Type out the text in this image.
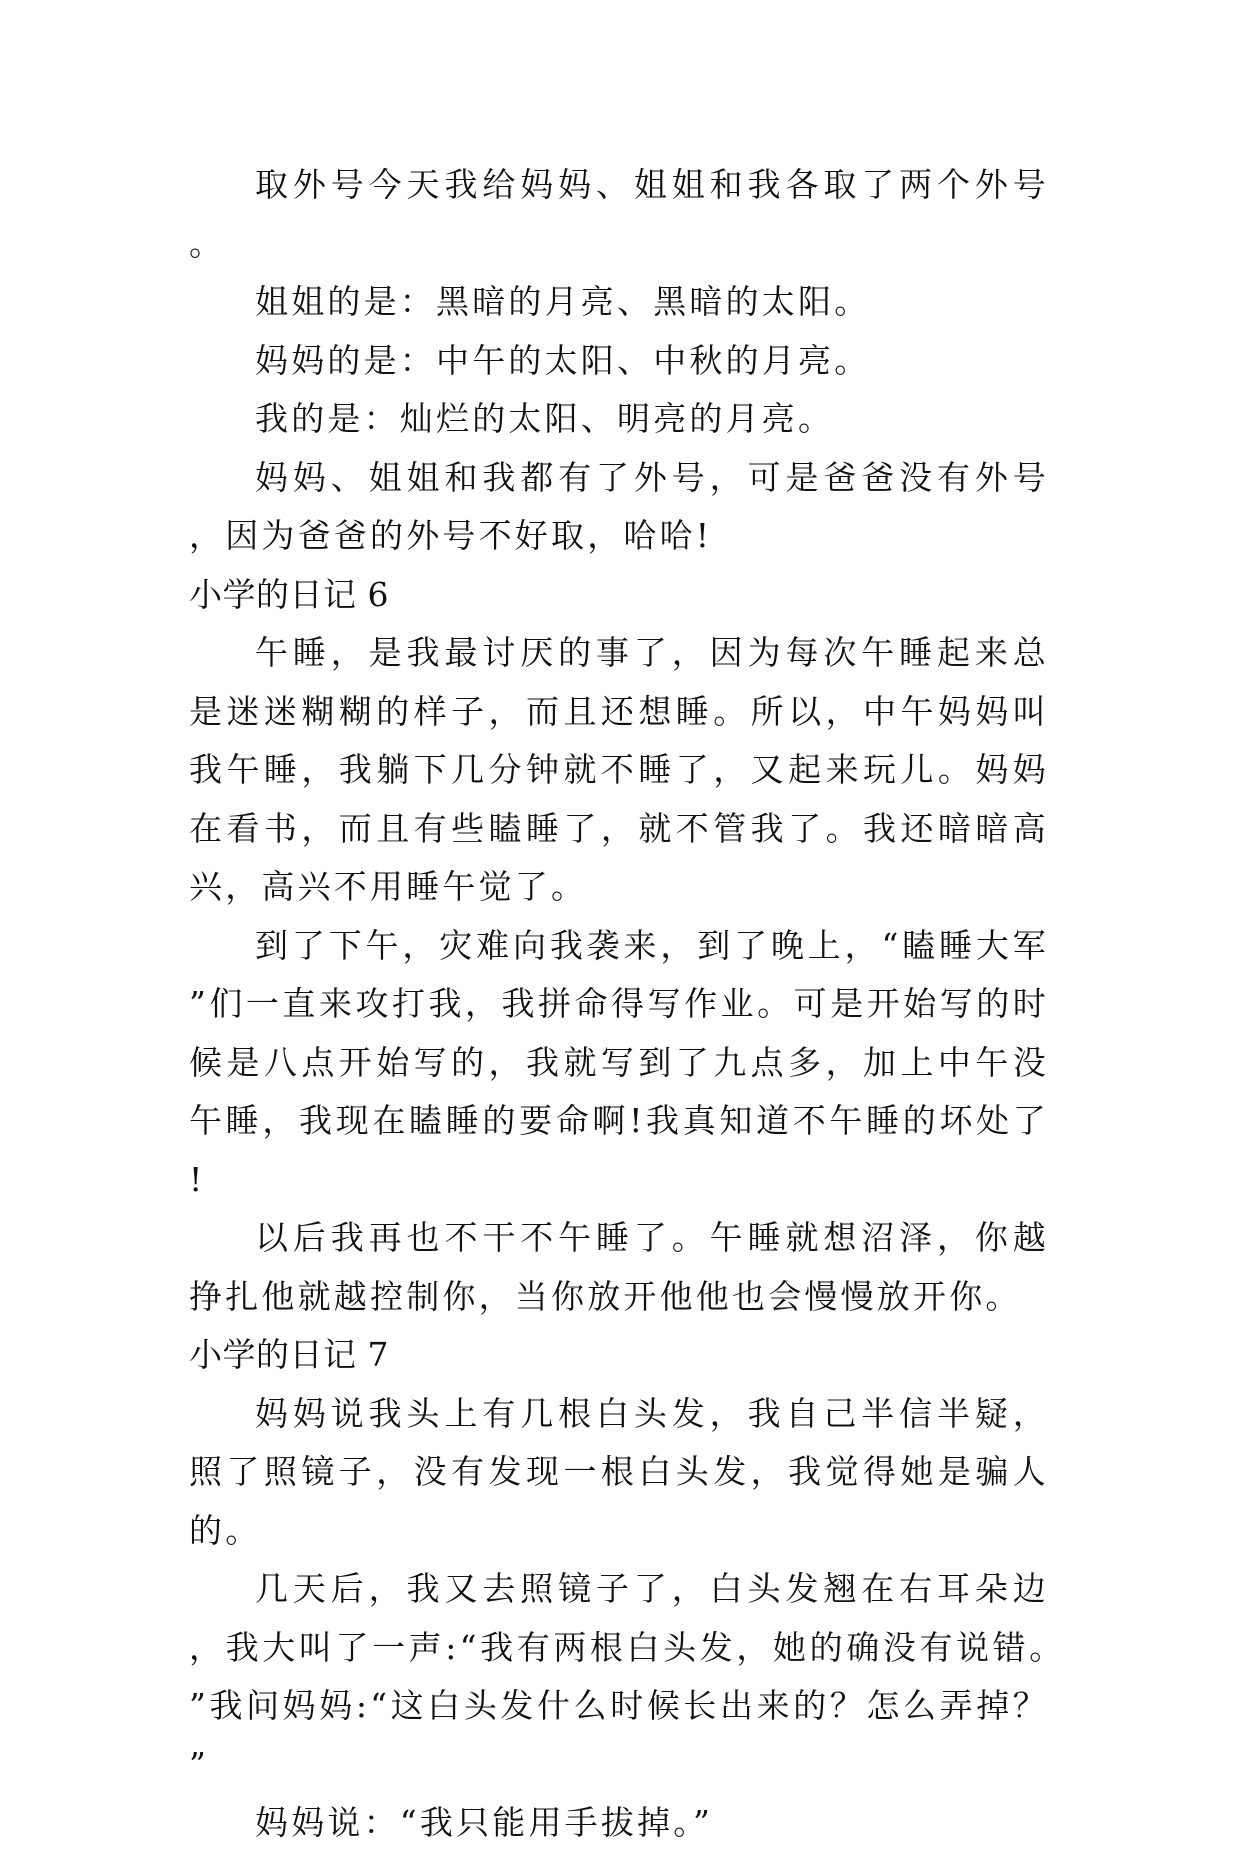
取外号今天我给妈妈、姐姐和我各取了两个外号。

姐姐的是：黑暗的月亮、黑暗的太阳。

妈妈的是：中午的太阳、中秋的月亮。

我的是：灿烂的太阳、明亮的月亮。

妈妈、姐姐和我都有了外号，可是爸爸没有外号，因为爸爸的外号不好取，哈哈!

小学的日记 6

午睡，是我最讨厌的事了，因为每次午睡起来总是迷迷糊糊的样子，而且还想睡。所以，中午妈妈叫我午睡，我躺下几分钟就不睡了，又起来玩儿。妈妈在看书，而且有些瞌睡了，就不管我了。我还暗暗高兴，高兴不用睡午觉了。

到了下午，灾难向我袭来，到了晚上，“瞌睡大军”们一直来攻打我，我拼命得写作业。可是开始写的时候是八点开始写的，我就写到了九点多，加上中午没午睡，我现在瞌睡的要命啊!我真知道不午睡的坏处了!

以后我再也不干不午睡了。午睡就想沼泽，你越挣扎他就越控制你，当你放开他他也会慢慢放开你。

小学的日记 7

妈妈说我头上有几根白头发，我自己半信半疑，照了照镜子，没有发现一根白头发，我觉得她是骗人的。

几天后，我又去照镜子了，白头发翘在右耳朵边，我大叫了一声:“我有两根白头发，她的确没有说错。”我问妈妈:“这白头发什么时候长出来的？怎么弄掉？”

妈妈说：“我只能用手拔掉。”
